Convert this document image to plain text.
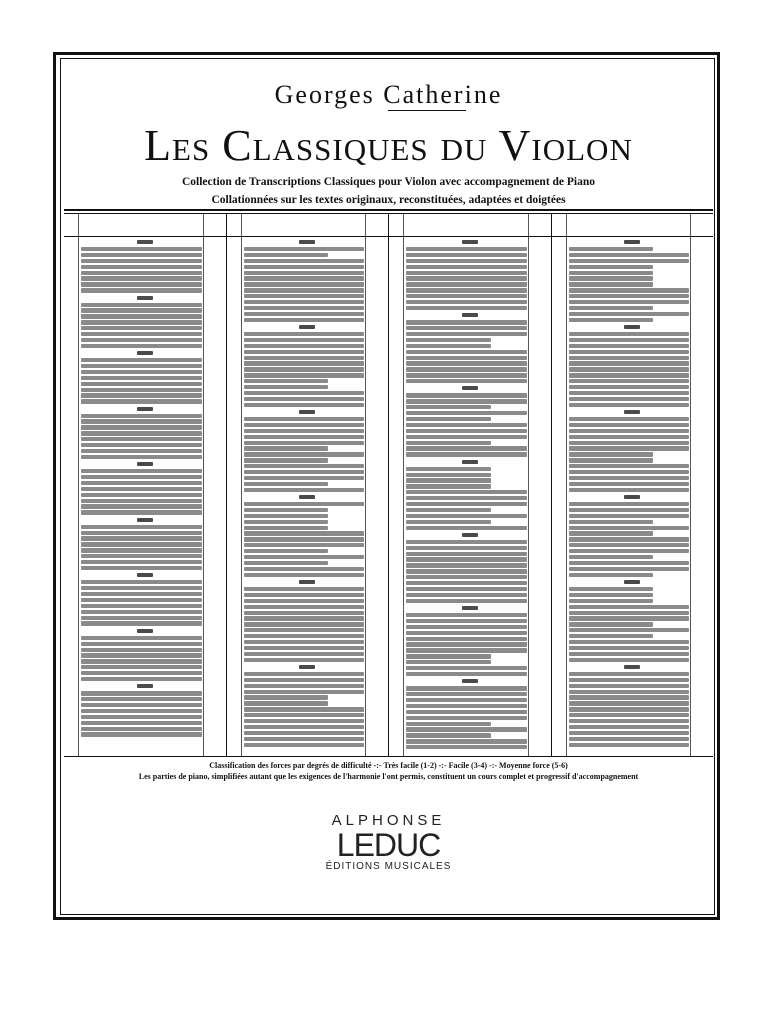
Georges Catherine
Les Classiques du Violon
Collection de Transcriptions Classiques pour Violon avec accompagnement de Piano
Collationnées sur les textes originaux, reconstituées, adaptées et doigtées
Classification des forces par degrés de difficulté -:- Très facile (1-2) -:- Facile (3-4) -:- Moyenne force (5-6)
Les parties de piano, simplifiées autant que les exigences de l'harmonie l'ont permis, constituent un cours complet et progressif d'accompagnement
ALPHONSE
LEDUC
ÉDITIONS MUSICALES
